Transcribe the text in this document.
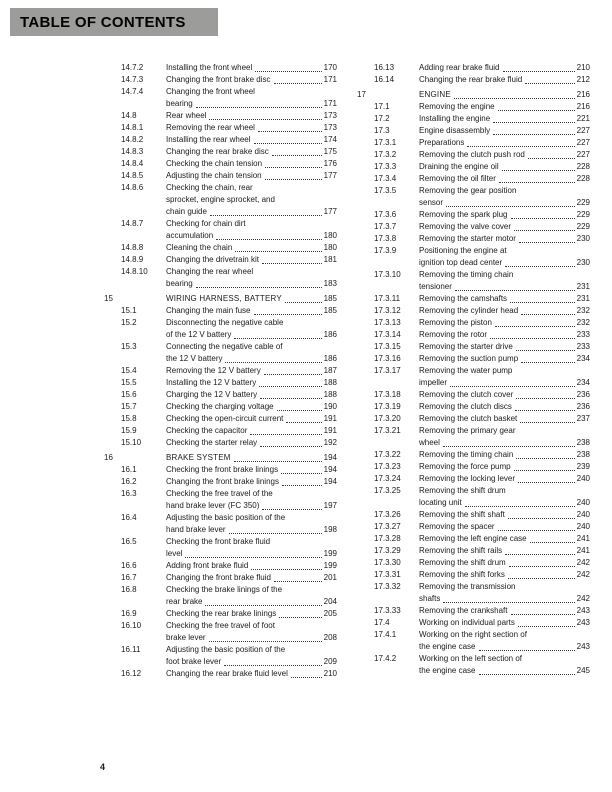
TABLE OF CONTENTS
14.7.2	Installing the front wheel	170
14.7.3	Changing the front brake disc	171
14.7.4	Changing the front wheel
bearing	171
14.8	Rear wheel	173
14.8.1	Removing the rear wheel	173
14.8.2	Installing the rear wheel	174
14.8.3	Changing the rear brake disc	175
14.8.4	Checking the chain tension	176
14.8.5	Adjusting the chain tension	177
14.8.6	Checking the chain, rear
sprocket, engine sprocket, and
chain guide	177
14.8.7	Checking for chain dirt
accumulation	180
14.8.8	Cleaning the chain	180
14.8.9	Changing the drivetrain kit	181
14.8.10	Changing the rear wheel
bearing	183
15	WIRING HARNESS, BATTERY	185
15.1	Changing the main fuse	185
15.2	Disconnecting the negative cable
of the 12 V battery	186
15.3	Connecting the negative cable of
the 12 V battery	186
15.4	Removing the 12 V battery	187
15.5	Installing the 12 V battery	188
15.6	Charging the 12 V battery	188
15.7	Checking the charging voltage	190
15.8	Checking the open-circuit current	191
15.9	Checking the capacitor	191
15.10	Checking the starter relay	192
16	BRAKE SYSTEM	194
16.1	Checking the front brake linings	194
16.2	Changing the front brake linings	194
16.3	Checking the free travel of the
hand brake lever (FC 350)	197
16.4	Adjusting the basic position of the
hand brake lever	198
16.5	Checking the front brake fluid
level	199
16.6	Adding front brake fluid	199
16.7	Changing the front brake fluid	201
16.8	Checking the brake linings of the
rear brake	204
16.9	Checking the rear brake linings	205
16.10	Checking the free travel of foot
brake lever	208
16.11	Adjusting the basic position of the
foot brake lever	209
16.12	Changing the rear brake fluid level	210
16.13	Adding rear brake fluid	210
16.14	Changing the rear brake fluid	212
17	ENGINE	216
17.1	Removing the engine	216
17.2	Installing the engine	221
17.3	Engine disassembly	227
17.3.1	Preparations	227
17.3.2	Removing the clutch push rod	227
17.3.3	Draining the engine oil	228
17.3.4	Removing the oil filter	228
17.3.5	Removing the gear position
sensor	229
17.3.6	Removing the spark plug	229
17.3.7	Removing the valve cover	229
17.3.8	Removing the starter motor	230
17.3.9	Positioning the engine at
ignition top dead center	230
17.3.10	Removing the timing chain
tensioner	231
17.3.11	Removing the camshafts	231
17.3.12	Removing the cylinder head	232
17.3.13	Removing the piston	232
17.3.14	Removing the rotor	233
17.3.15	Removing the starter drive	233
17.3.16	Removing the suction pump	234
17.3.17	Removing the water pump
impeller	234
17.3.18	Removing the clutch cover	236
17.3.19	Removing the clutch discs	236
17.3.20	Removing the clutch basket	237
17.3.21	Removing the primary gear
wheel	238
17.3.22	Removing the timing chain	238
17.3.23	Removing the force pump	239
17.3.24	Removing the locking lever	240
17.3.25	Removing the shift drum
locating unit	240
17.3.26	Removing the shift shaft	240
17.3.27	Removing the spacer	240
17.3.28	Removing the left engine case	241
17.3.29	Removing the shift rails	241
17.3.30	Removing the shift drum	242
17.3.31	Removing the shift forks	242
17.3.32	Removing the transmission
shafts	242
17.3.33	Removing the crankshaft	243
17.4	Working on individual parts	243
17.4.1	Working on the right section of
the engine case	243
17.4.2	Working on the left section of
the engine case	245
4
